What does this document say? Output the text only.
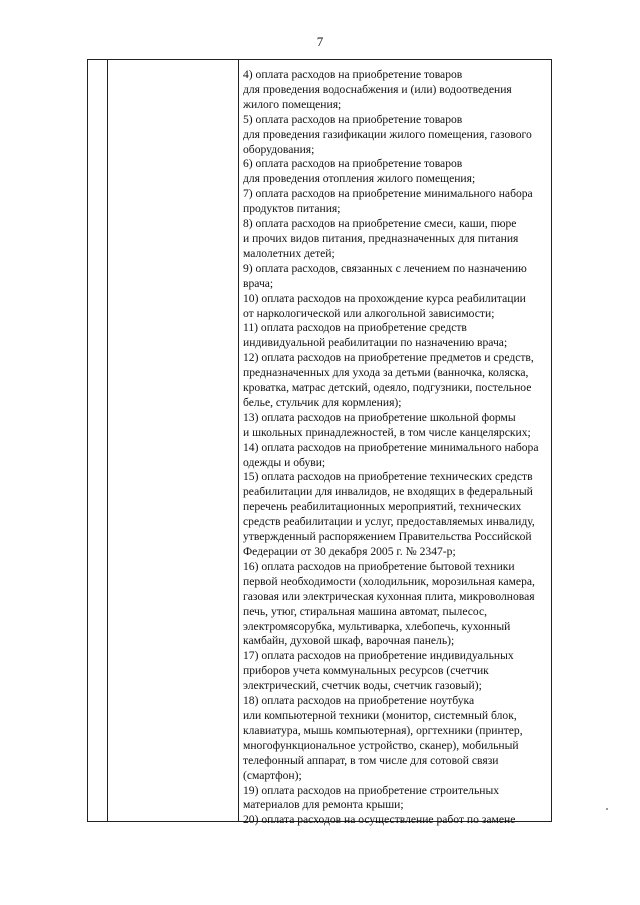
7
4) оплата расходов на приобретение товаров
для проведения водоснабжения и (или) водоотведения
жилого помещения;
5) оплата расходов на приобретение товаров
для проведения газификации жилого помещения, газового
оборудования;
6) оплата расходов на приобретение товаров
для проведения отопления жилого помещения;
7) оплата расходов на приобретение минимального набора
продуктов питания;
8) оплата расходов на приобретение смеси, каши, пюре
и прочих видов питания, предназначенных для питания
малолетних детей;
9) оплата расходов, связанных с лечением по назначению
врача;
10) оплата расходов на прохождение курса реабилитации
от наркологической или алкогольной зависимости;
11) оплата расходов на приобретение средств
индивидуальной реабилитации по назначению врача;
12) оплата расходов на приобретение предметов и средств,
предназначенных для ухода за детьми (ванночка, коляска,
кроватка, матрас детский, одеяло, подгузники, постельное
белье, стульчик для кормления);
13) оплата расходов на приобретение школьной формы
и школьных принадлежностей, в том числе канцелярских;
14) оплата расходов на приобретение минимального набора
одежды и обуви;
15) оплата расходов на приобретение технических средств
реабилитации для инвалидов, не входящих в федеральный
перечень реабилитационных мероприятий, технических
средств реабилитации и услуг, предоставляемых инвалиду,
утвержденный распоряжением Правительства Российской
Федерации от 30 декабря 2005 г. № 2347-р;
16) оплата расходов на приобретение бытовой техники
первой необходимости (холодильник, морозильная камера,
газовая или электрическая кухонная плита, микроволновая
печь, утюг, стиральная машина автомат, пылесос,
электромясорубка, мультиварка, хлебопечь, кухонный
камбайн, духовой шкаф, варочная панель);
17) оплата расходов на приобретение индивидуальных
приборов учета коммунальных ресурсов (счетчик
электрический, счетчик воды, счетчик газовый);
18) оплата расходов на приобретение ноутбука
или компьютерной техники (монитор, системный блок,
клавиатура, мышь компьютерная), оргтехники (принтер,
многофункциональное устройство, сканер), мобильный
телефонный аппарат, в том числе для сотовой связи
(смартфон);
19) оплата расходов на приобретение строительных
материалов для ремонта крыши;
20) оплата расходов на осуществление работ по замене
